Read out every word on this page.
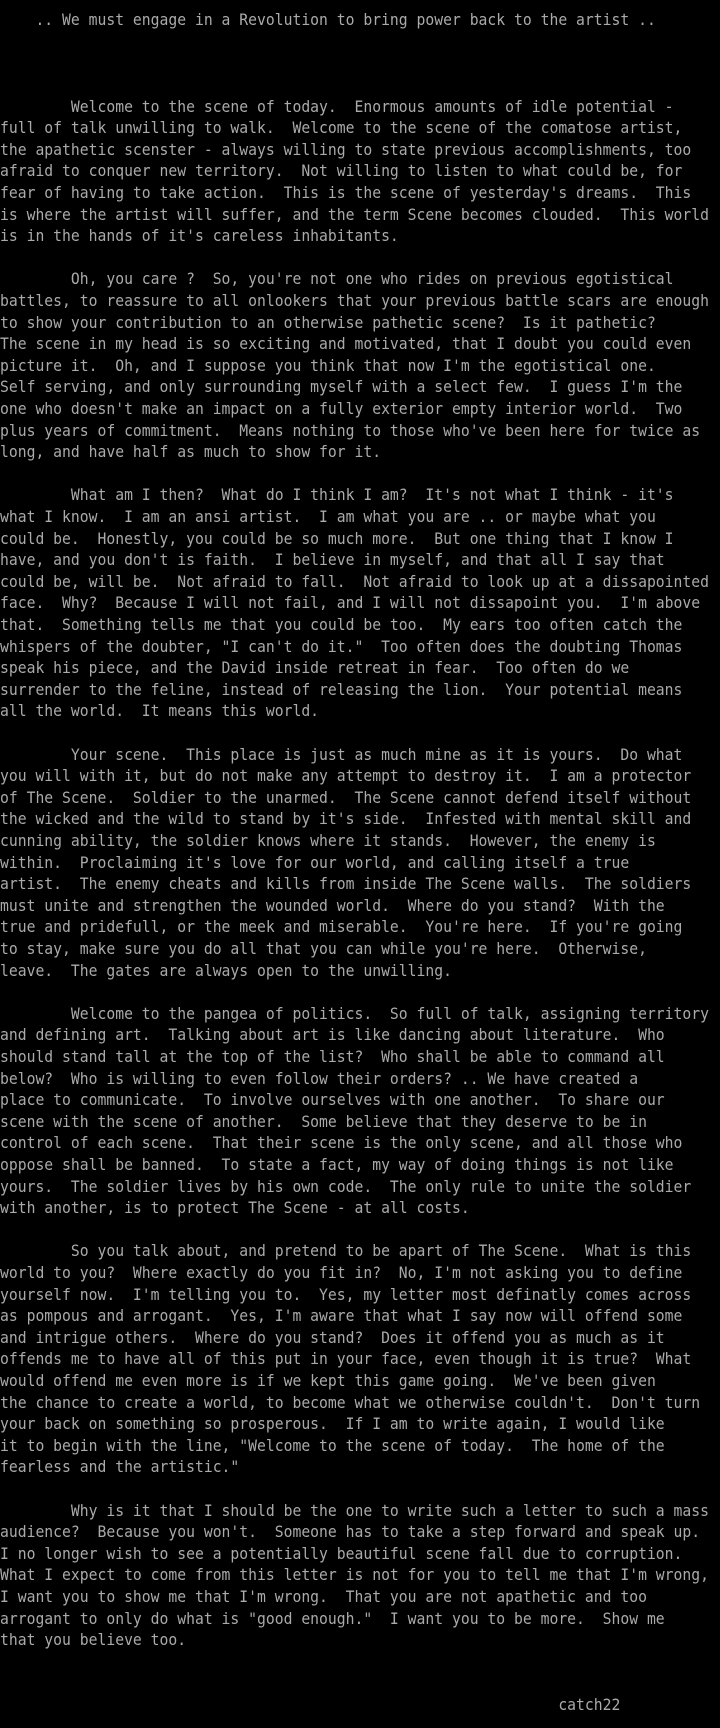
.. We must engage in a Revolution to bring power back to the artist ..
Welcome to the scene of today.  Enormous amounts of idle potential -
full of talk unwilling to walk.  Welcome to the scene of the comatose artist,
the apathetic scenster - always willing to state previous accomplishments, too
afraid to conquer new territory.  Not willing to listen to what could be, for
fear of having to take action.  This is the scene of yesterday's dreams.  This
is where the artist will suffer, and the term Scene becomes clouded.  This world
is in the hands of it's careless inhabitants.
Oh, you care ?  So, you're not one who rides on previous egotistical
battles, to reassure to all onlookers that your previous battle scars are enough
to show your contribution to an otherwise pathetic scene?  Is it pathetic?
The scene in my head is so exciting and motivated, that I doubt you could even
picture it.  Oh, and I suppose you think that now I'm the egotistical one.
Self serving, and only surrounding myself with a select few.  I guess I'm the
one who doesn't make an impact on a fully exterior empty interior world.  Two
plus years of commitment.  Means nothing to those who've been here for twice as
long, and have half as much to show for it.
What am I then?  What do I think I am?  It's not what I think - it's
what I know.  I am an ansi artist.  I am what you are .. or maybe what you
could be.  Honestly, you could be so much more.  But one thing that I know I
have, and you don't is faith.  I believe in myself, and that all I say that
could be, will be.  Not afraid to fall.  Not afraid to look up at a dissapointed
face.  Why?  Because I will not fail, and I will not dissapoint you.  I'm above
that.  Something tells me that you could be too.  My ears too often catch the
whispers of the doubter, "I can't do it."  Too often does the doubting Thomas
speak his piece, and the David inside retreat in fear.  Too often do we
surrender to the feline, instead of releasing the lion.  Your potential means
all the world.  It means this world.
Your scene.  This place is just as much mine as it is yours.  Do what
you will with it, but do not make any attempt to destroy it.  I am a protector
of The Scene.  Soldier to the unarmed.  The Scene cannot defend itself without
the wicked and the wild to stand by it's side.  Infested with mental skill and
cunning ability, the soldier knows where it stands.  However, the enemy is
within.  Proclaiming it's love for our world, and calling itself a true
artist.  The enemy cheats and kills from inside The Scene walls.  The soldiers
must unite and strengthen the wounded world.  Where do you stand?  With the
true and pridefull, or the meek and miserable.  You're here.  If you're going
to stay, make sure you do all that you can while you're here.  Otherwise,
leave.  The gates are always open to the unwilling.
Welcome to the pangea of politics.  So full of talk, assigning territory
and defining art.  Talking about art is like dancing about literature.  Who
should stand tall at the top of the list?  Who shall be able to command all
below?  Who is willing to even follow their orders? .. We have created a
place to communicate.  To involve ourselves with one another.  To share our
scene with the scene of another.  Some believe that they deserve to be in
control of each scene.  That their scene is the only scene, and all those who
oppose shall be banned.  To state a fact, my way of doing things is not like
yours.  The soldier lives by his own code.  The only rule to unite the soldier
with another, is to protect The Scene - at all costs.
So you talk about, and pretend to be apart of The Scene.  What is this
world to you?  Where exactly do you fit in?  No, I'm not asking you to define
yourself now.  I'm telling you to.  Yes, my letter most definatly comes across
as pompous and arrogant.  Yes, I'm aware that what I say now will offend some
and intrigue others.  Where do you stand?  Does it offend you as much as it
offends me to have all of this put in your face, even though it is true?  What
would offend me even more is if we kept this game going.  We've been given
the chance to create a world, to become what we otherwise couldn't.  Don't turn
your back on something so prosperous.  If I am to write again, I would like
it to begin with the line, "Welcome to the scene of today.  The home of the
fearless and the artistic."
Why is it that I should be the one to write such a letter to such a mass
audience?  Because you won't.  Someone has to take a step forward and speak up.
I no longer wish to see a potentially beautiful scene fall due to corruption.
What I expect to come from this letter is not for you to tell me that I'm wrong,
I want you to show me that I'm wrong.  That you are not apathetic and too
arrogant to only do what is "good enough."  I want you to be more.  Show me
that you believe too.
catch22
